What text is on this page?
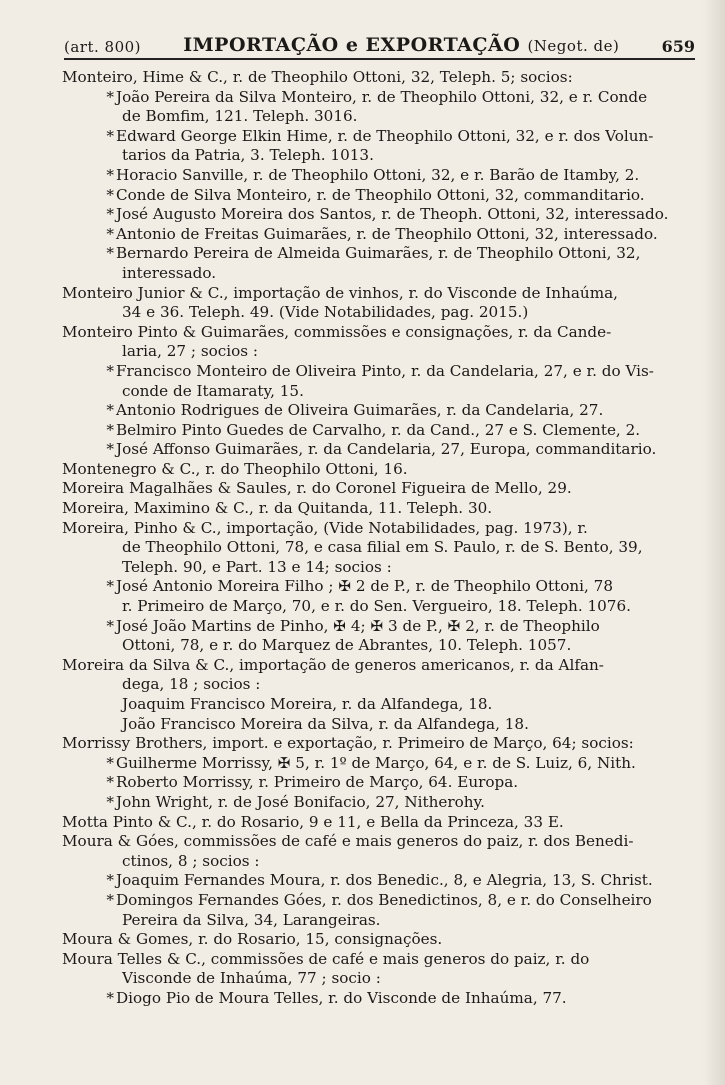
(art. 800) IMPORTAÇÃO e EXPORTAÇÃO (Negot. de)	659
Monteiro, Hime & C., r. de Theophilo Ottoni, 32, Teleph. 5; socios:
* João Pereira da Silva Monteiro, r. de Theophilo Ottoni, 32, e r. Conde
de Bomfim, 121. Teleph. 3016.
* Edward George Elkin Hime, r. de Theophilo Ottoni, 32, e r. dos Volun-
tarios da Patria, 3. Teleph. 1013.
* Horacio Sanville, r. de Theophilo Ottoni, 32, e r. Barão de Itamby, 2.
* Conde de Silva Monteiro, r. de Theophilo Ottoni, 32, commanditario.
* José Augusto Moreira dos Santos, r. de Theoph. Ottoni, 32, interessado.
* Antonio de Freitas Guimarães, r. de Theophilo Ottoni, 32, interessado.
* Bernardo Pereira de Almeida Guimarães, r. de Theophilo Ottoni, 32,
interessado.
Monteiro Junior & C., importação de vinhos, r. do Visconde de Inhaúma,
34 e 36. Teleph. 49. (Vide Notabilidades, pag. 2015.)
Monteiro Pinto & Guimarães, commissões e consignações, r. da Cande-
laria, 27 ; socios :
* Francisco Monteiro de Oliveira Pinto, r. da Candelaria, 27, e r. do Vis-
conde de Itamaraty, 15.
* Antonio Rodrigues de Oliveira Guimarães, r. da Candelaria, 27.
* Belmiro Pinto Guedes de Carvalho, r. da Cand., 27 e S. Clemente, 2.
* José Affonso Guimarães, r. da Candelaria, 27, Europa, commanditario.
Montenegro & C., r. do Theophilo Ottoni, 16.
Moreira Magalhães & Saules, r. do Coronel Figueira de Mello, 29.
Moreira, Maximino & C., r. da Quitanda, 11. Teleph. 30.
Moreira, Pinho & C., importação, (Vide Notabilidades, pag. 1973), r.
de Theophilo Ottoni, 78, e casa filial em S. Paulo, r. de S. Bento, 39,
Teleph. 90, e Part. 13 e 14; socios :
* José Antonio Moreira Filho ; ✠ 2 de P., r. de Theophilo Ottoni, 78
r. Primeiro de Março, 70, e r. do Sen. Vergueiro, 18. Teleph. 1076.
* José João Martins de Pinho, ✠ 4; ✠ 3 de P., ✠ 2, r. de Theophilo
Ottoni, 78, e r. do Marquez de Abrantes, 10. Teleph. 1057.
Moreira da Silva & C., importação de generos americanos, r. da Alfan-
dega, 18 ; socios :
Joaquim Francisco Moreira, r. da Alfandega, 18.
João Francisco Moreira da Silva, r. da Alfandega, 18.
Morrissy Brothers, import. e exportação, r. Primeiro de Março, 64; socios:
* Guilherme Morrissy, ✠ 5, r. 1º de Março, 64, e r. de S. Luiz, 6, Nith.
* Roberto Morrissy, r. Primeiro de Março, 64. Europa.
* John Wright, r. de José Bonifacio, 27, Nitherohy.
Motta Pinto & C., r. do Rosario, 9 e 11, e Bella da Princeza, 33 E.
Moura & Góes, commissões de café e mais generos do paiz, r. dos Benedi-
ctinos, 8 ; socios :
* Joaquim Fernandes Moura, r. dos Benedic., 8, e Alegria, 13, S. Christ.
* Domingos Fernandes Góes, r. dos Benedictinos, 8, e r. do Conselheiro
Pereira da Silva, 34, Larangeiras.
Moura & Gomes, r. do Rosario, 15, consignações.
Moura Telles & C., commissões de café e mais generos do paiz, r. do
Visconde de Inhaúma, 77 ; socio :
* Diogo Pio de Moura Telles, r. do Visconde de Inhaúma, 77.
